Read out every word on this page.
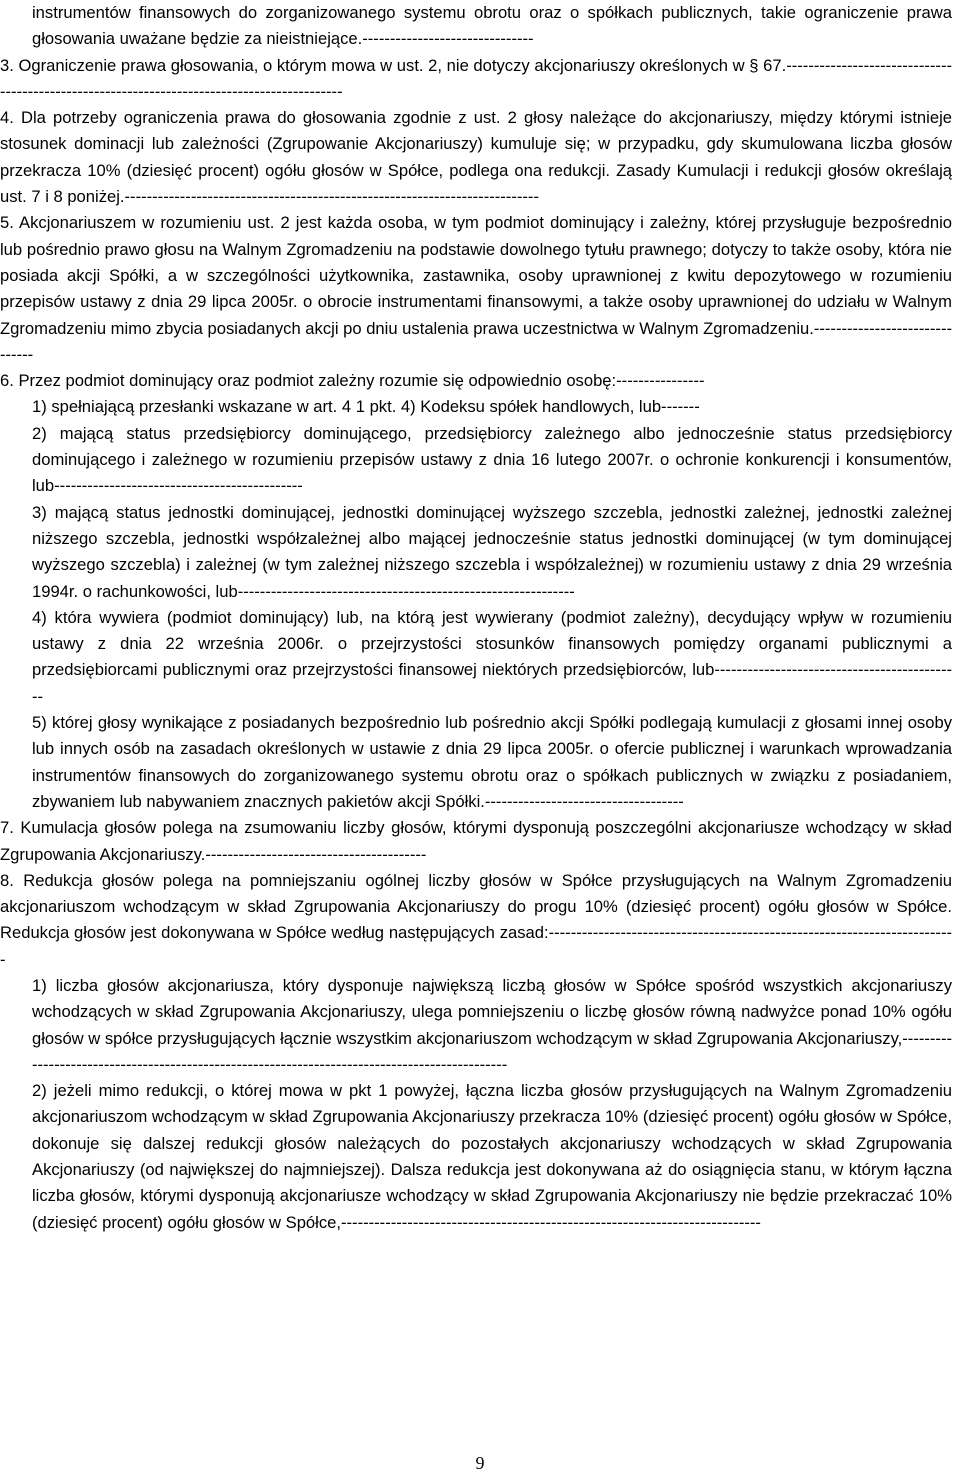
instrumentów finansowych do zorganizowanego systemu obrotu oraz o spółkach publicznych, takie ograniczenie prawa głosowania uważane będzie za nieistniejące.-------------------------------

3. Ograniczenie prawa głosowania, o którym mowa w ust. 2, nie dotyczy akcjonariuszy określonych w § 67.--------------------------------------------------------------------------------------------

4. Dla potrzeby ograniczenia prawa do głosowania zgodnie z ust. 2 głosy należące do akcjonariuszy, między którymi istnieje stosunek dominacji lub zależności (Zgrupowanie Akcjonariuszy) kumuluje się; w przypadku, gdy skumulowana liczba głosów przekracza 10% (dziesięć procent) ogółu głosów w Spółce, podlega ona redukcji. Zasady Kumulacji i redukcji głosów określają ust. 7 i 8 poniżej.---------------------------------------------------------------------------

5. Akcjonariuszem w rozumieniu ust. 2 jest każda osoba, w tym podmiot dominujący i zależny, której przysługuje bezpośrednio lub pośrednio prawo głosu na Walnym Zgromadzeniu na podstawie dowolnego tytułu prawnego; dotyczy to także osoby, która nie posiada akcji Spółki, a w szczególności użytkownika, zastawnika, osoby uprawnionej z kwitu depozytowego w rozumieniu przepisów ustawy z dnia 29 lipca 2005r. o obrocie instrumentami finansowymi, a także osoby uprawnionej do udziału w Walnym Zgromadzeniu mimo zbycia posiadanych akcji po dniu ustalenia prawa uczestnictwa w Walnym Zgromadzeniu.-------------------------------

6. Przez podmiot dominujący oraz podmiot zależny rozumie się odpowiednio osobę:----------------

1) spełniającą przesłanki wskazane w art. 4 1 pkt. 4) Kodeksu spółek handlowych, lub-------

2) mającą status przedsiębiorcy dominującego, przedsiębiorcy zależnego albo jednocześnie status przedsiębiorcy dominującego i zależnego w rozumieniu przepisów ustawy z dnia 16 lutego 2007r. o ochronie konkurencji i konsumentów, lub---------------------------------------------

3) mającą status jednostki dominującej, jednostki dominującej wyższego szczebla, jednostki zależnej, jednostki zależnej niższego szczebla, jednostki współzależnej albo mającej jednocześnie status jednostki dominującej (w tym dominującej wyższego szczebla) i zależnej (w tym zależnej niższego szczebla i współzależnej) w rozumieniu ustawy z dnia 29 września 1994r. o rachunkowości, lub-------------------------------------------------------------

4) która wywiera (podmiot dominujący) lub, na którą jest wywierany (podmiot zależny), decydujący wpływ w rozumieniu ustawy z dnia 22 września 2006r. o przejrzystości stosunków finansowych pomiędzy organami publicznymi a przedsiębiorcami publicznymi oraz przejrzystości finansowej niektórych przedsiębiorców, lub---------------------------------------------

5) której głosy wynikające z posiadanych bezpośrednio lub pośrednio akcji Spółki podlegają kumulacji z głosami innej osoby lub innych osób na zasadach określonych w ustawie z dnia 29 lipca 2005r. o ofercie publicznej i warunkach wprowadzania instrumentów finansowych do zorganizowanego systemu obrotu oraz o spółkach publicznych w związku z posiadaniem, zbywaniem lub nabywaniem znacznych pakietów akcji Spółki.------------------------------------

7. Kumulacja głosów polega na zsumowaniu liczby głosów, którymi dysponują poszczególni akcjonariusze wchodzący w skład Zgrupowania Akcjonariuszy.----------------------------------------

8. Redukcja głosów polega na pomniejszaniu ogólnej liczby głosów w Spółce przysługujących na Walnym Zgromadzeniu akcjonariuszom wchodzącym w skład Zgrupowania Akcjonariuszy do progu 10% (dziesięć procent) ogółu głosów w Spółce. Redukcja głosów jest dokonywana w Spółce według następujących zasad:--------------------------------------------------------------------------

1) liczba głosów akcjonariusza, który dysponuje największą liczbą głosów w Spółce spośród wszystkich akcjonariuszy wchodzących w skład Zgrupowania Akcjonariuszy, ulega pomniejszeniu o liczbę głosów równą nadwyżce ponad 10% ogółu głosów w spółce przysługujących łącznie wszystkim akcjonariuszom wchodzącym w skład Zgrupowania Akcjonariuszy,-----------------------------------------------------------------------------------------------

2) jeżeli mimo redukcji, o której mowa w pkt 1 powyżej, łączna liczba głosów przysługujących na Walnym Zgromadzeniu akcjonariuszom wchodzącym w skład Zgrupowania Akcjonariuszy przekracza 10% (dziesięć procent) ogółu głosów w Spółce, dokonuje się dalszej redukcji głosów należących do pozostałych akcjonariuszy wchodzących w skład Zgrupowania Akcjonariuszy (od największej do najmniejszej). Dalsza redukcja jest dokonywana aż do osiągnięcia stanu, w którym łączna liczba głosów, którymi dysponują akcjonariusze wchodzący w skład Zgrupowania Akcjonariuszy nie będzie przekraczać 10% (dziesięć procent) ogółu głosów w Spółce,----------------------------------------------------------------------------

9
